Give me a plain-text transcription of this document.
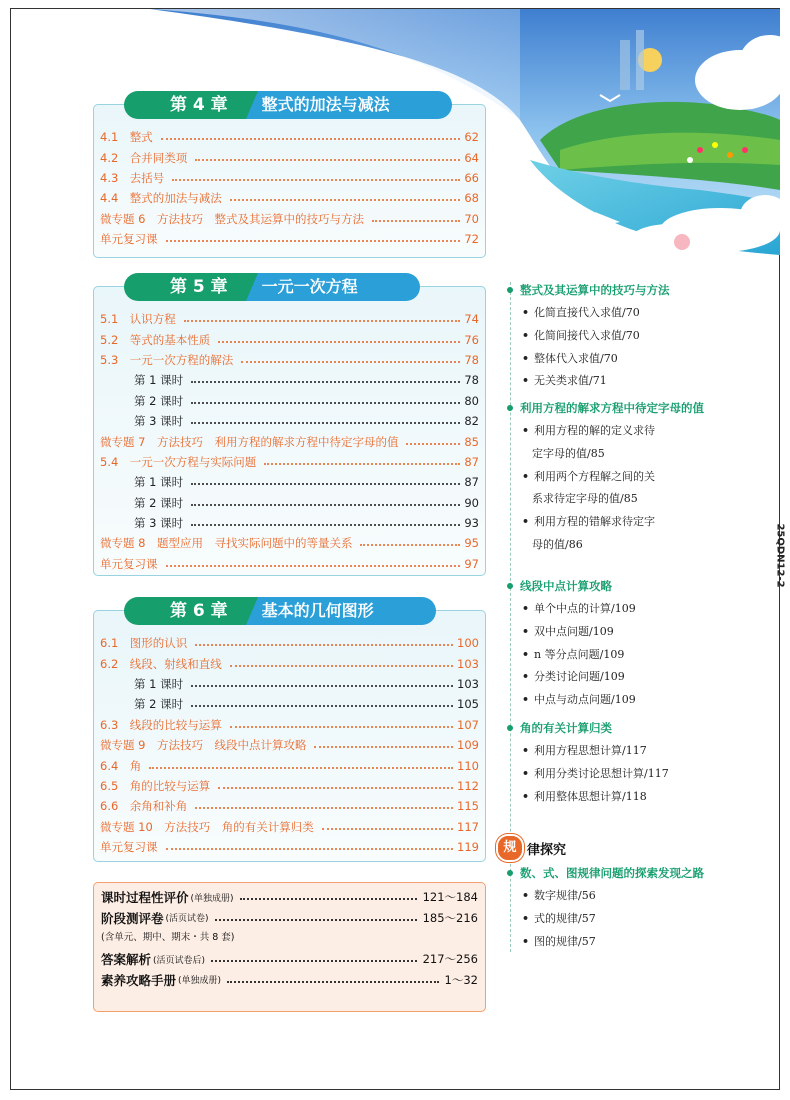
第 4 章	整式的加法与减法
4.1　整式	62
4.2　合并同类项	64
4.3　去括号	66
4.4　整式的加法与减法	68
微专题 6　方法技巧　整式及其运算中的技巧与方法	70
单元复习课	72
第 5 章	一元一次方程
5.1　认识方程	74
5.2　等式的基本性质	76
5.3　一元一次方程的解法	78
第 1 课时	78
第 2 课时	80
第 3 课时	82
微专题 7　方法技巧　利用方程的解求方程中待定字母的值	85
5.4　一元一次方程与实际问题	87
第 1 课时	87
第 2 课时	90
第 3 课时	93
微专题 8　题型应用　寻找实际问题中的等量关系	95
单元复习课	97
第 6 章	基本的几何图形
6.1　图形的认识	100
6.2　线段、射线和直线	103
第 1 课时	103
第 2 课时	105
6.3　线段的比较与运算	107
微专题 9　方法技巧　线段中点计算攻略	109
6.4　角	110
6.5　角的比较与运算	112
6.6　余角和补角	115
微专题 10　方法技巧　角的有关计算归类	117
单元复习课	119
课时过程性评价 (单独成册)	121～184
阶段测评卷 (活页试卷)	185～216
(含单元、期中、期末・共 8 套)
答案解析 (活页试卷后)	217～256
素养攻略手册 (单独成册)	1～32
整式及其运算中的技巧与方法
• 化简直接代入求值/70
• 化简间接代入求值/70
• 整体代入求值/70
• 无关类求值/71
利用方程的解求方程中待定字母的值
• 利用方程的解的定义求待
定字母的值/85
• 利用两个方程解之间的关
系求待定字母的值/85
• 利用方程的错解求待定字
母的值/86
线段中点计算攻略
• 单个中点的计算/109
• 双中点问题/109
• n 等分点问题/109
• 分类讨论问题/109
• 中点与动点问题/109
角的有关计算归类
• 利用方程思想计算/117
• 利用分类讨论思想计算/117
• 利用整体思想计算/118
数、式、图规律问题的探索发现之路
• 数字规律/56
• 式的规律/57
• 图的规律/57
规 律探究
25QDN12-2
